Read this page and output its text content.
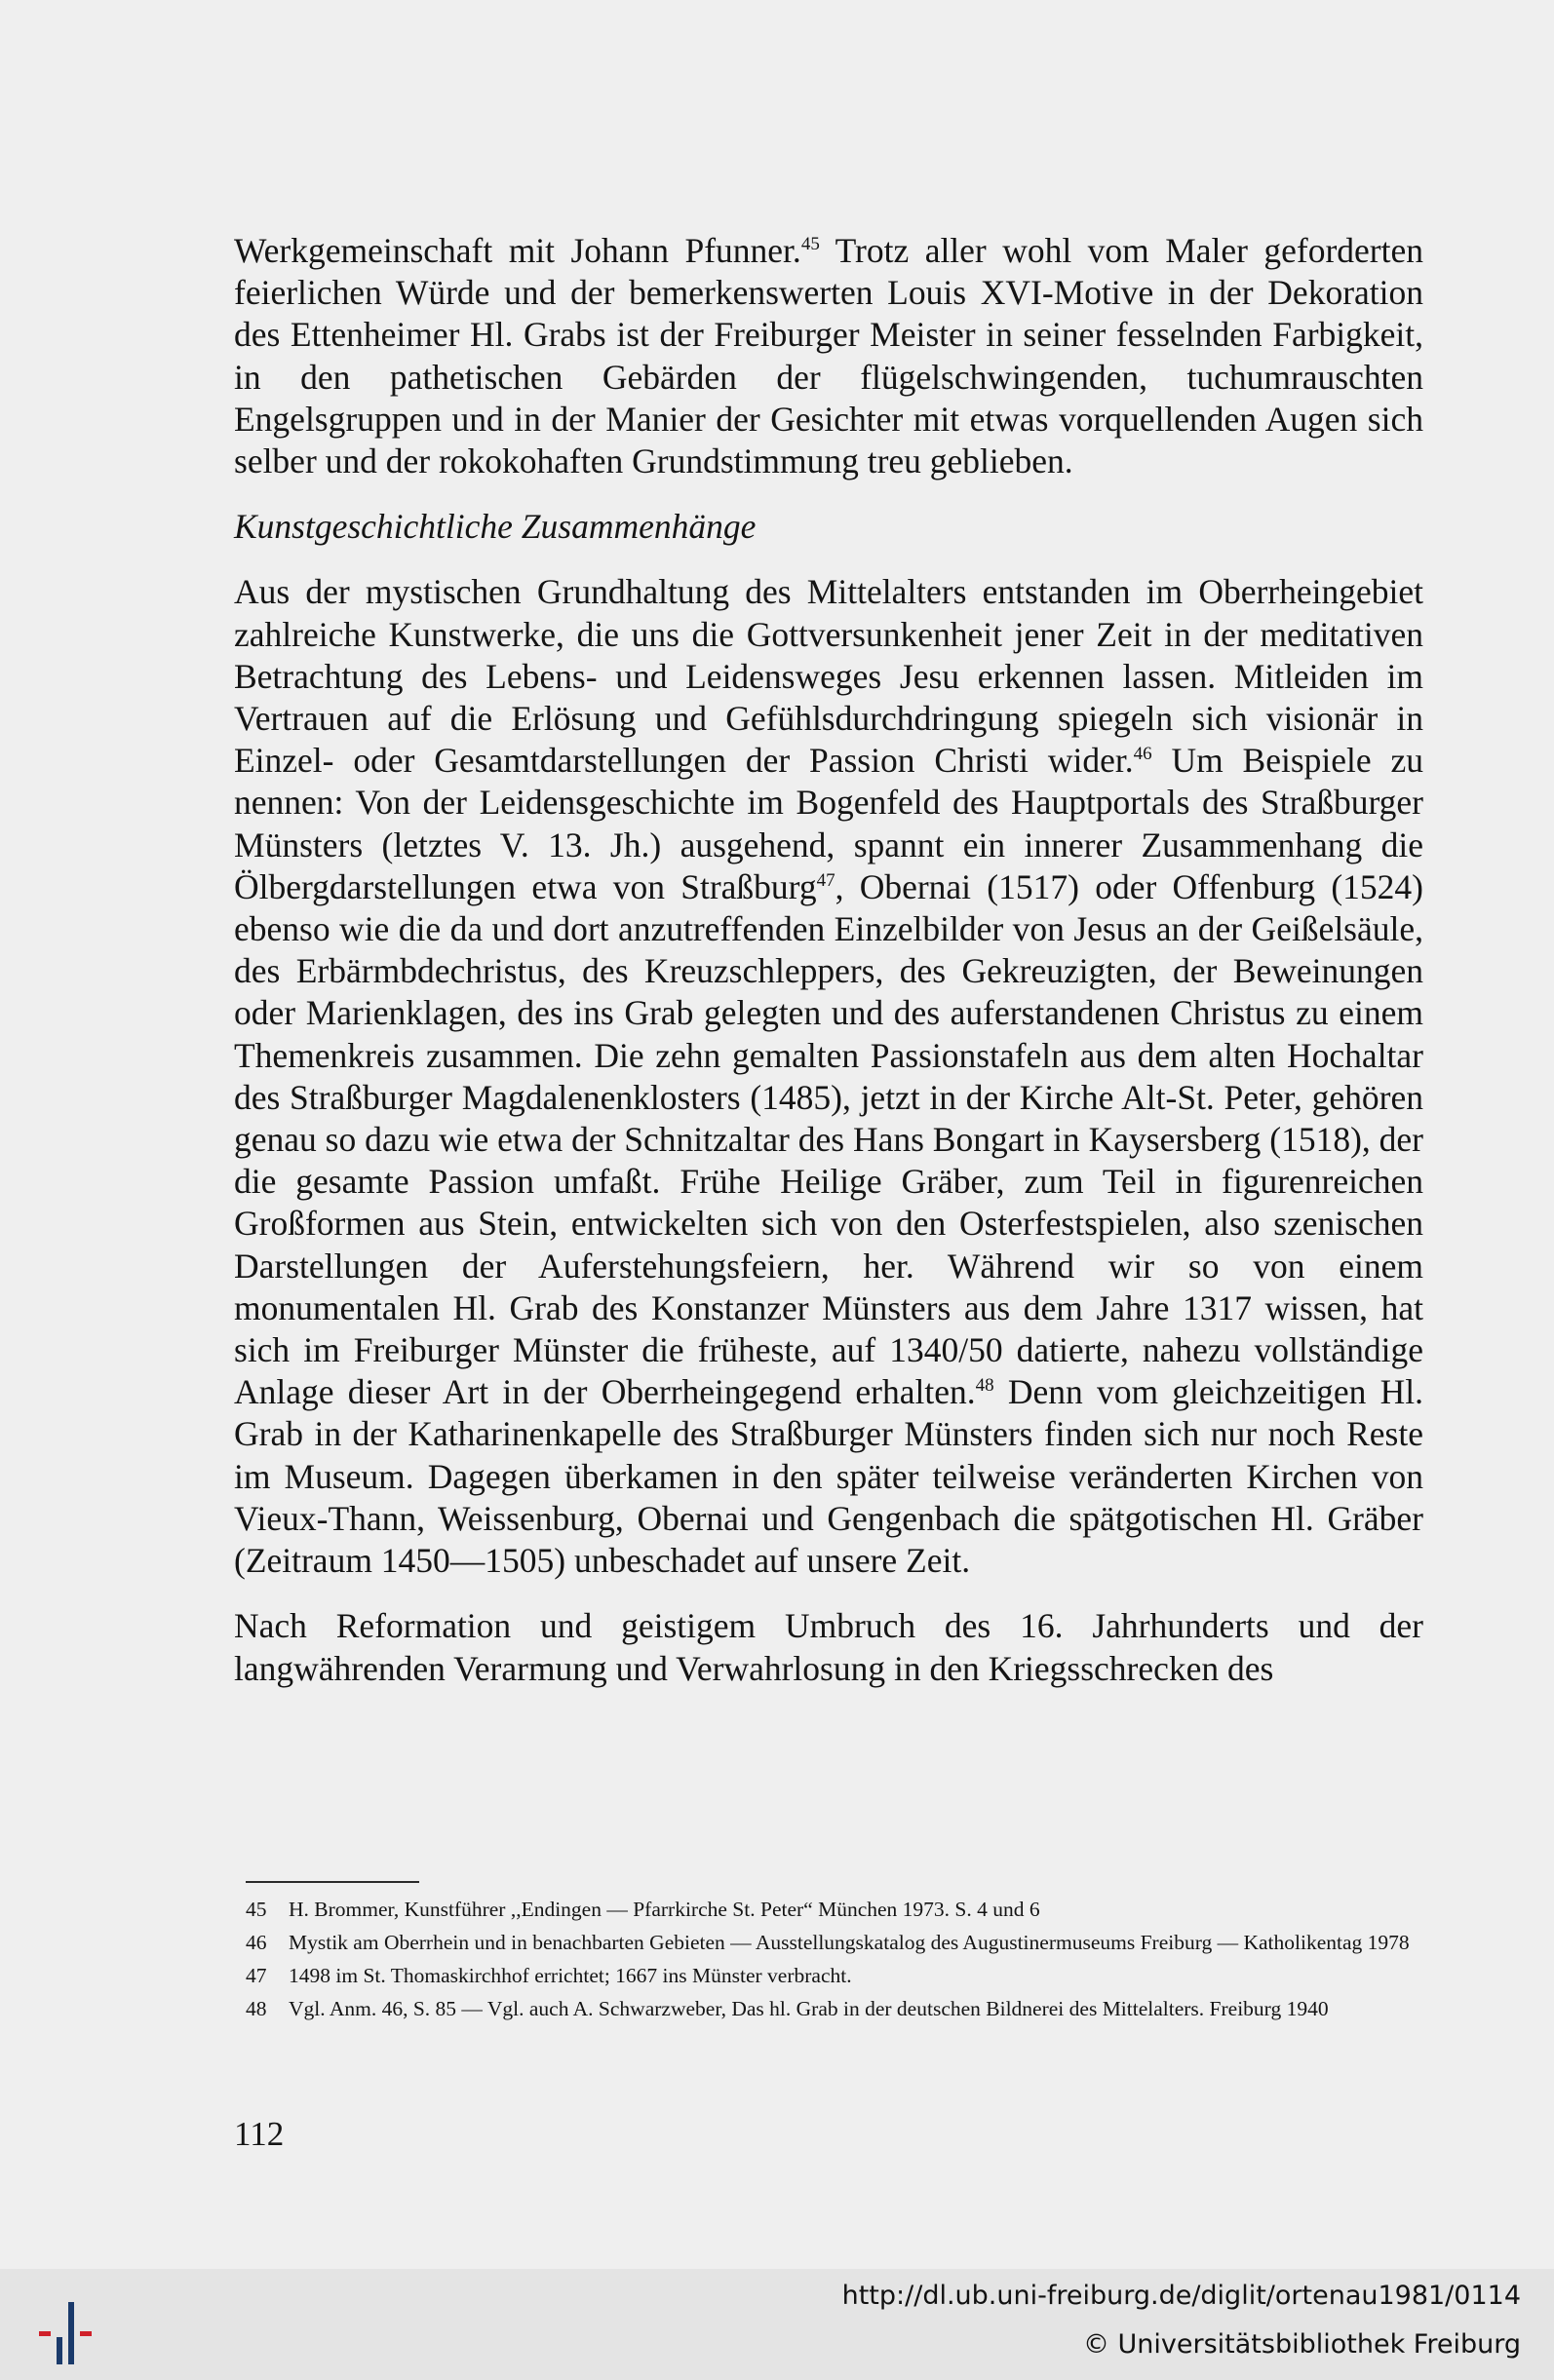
Werkgemeinschaft mit Johann Pfunner.$^{45}$ Trotz aller wohl vom Maler geforderten feierlichen Würde und der bemerkenswerten Louis XVI-Motive in der Dekoration des Ettenheimer Hl. Grabs ist der Freiburger Meister in seiner fesselnden Farbigkeit, in den pathetischen Gebärden der flügelschwingenden, tuchumrauschten Engelsgruppen und in der Manier der Gesichter mit etwas vorquellenden Augen sich selber und der rokokohaften Grundstimmung treu geblieben.

Kunstgeschichtliche Zusammenhänge

Aus der mystischen Grundhaltung des Mittelalters entstanden im Oberrheingebiet zahlreiche Kunstwerke, die uns die Gottversunkenheit jener Zeit in der meditativen Betrachtung des Lebens- und Leidensweges Jesu erkennen lassen. Mitleiden im Vertrauen auf die Erlösung und Gefühlsdurchdringung spiegeln sich visionär in Einzel- oder Gesamtdarstellungen der Passion Christi wider.$^{46}$ Um Beispiele zu nennen: Von der Leidensgeschichte im Bogenfeld des Hauptportals des Straßburger Münsters (letztes V. 13. Jh.) ausgehend, spannt ein innerer Zusammenhang die Ölbergdarstellungen etwa von Straßburg$^{47}$, Obernai (1517) oder Offenburg (1524) ebenso wie die da und dort anzutreffenden Einzelbilder von Jesus an der Geißelsäule, des Erbärmbdechristus, des Kreuzschleppers, des Gekreuzigten, der Beweinungen oder Marienklagen, des ins Grab gelegten und des auferstandenen Christus zu einem Themenkreis zusammen. Die zehn gemalten Passionstafeln aus dem alten Hochaltar des Straßburger Magdalenenklosters (1485), jetzt in der Kirche Alt-St. Peter, gehören genau so dazu wie etwa der Schnitzaltar des Hans Bongart in Kaysersberg (1518), der die gesamte Passion umfaßt. Frühe Heilige Gräber, zum Teil in figurenreichen Großformen aus Stein, entwickelten sich von den Osterfestspielen, also szenischen Darstellungen der Auferstehungsfeiern, her. Während wir so von einem monumentalen Hl. Grab des Konstanzer Münsters aus dem Jahre 1317 wissen, hat sich im Freiburger Münster die früheste, auf 1340/50 datierte, nahezu vollständige Anlage dieser Art in der Oberrheingegend erhalten.$^{48}$ Denn vom gleichzeitigen Hl. Grab in der Katharinenkapelle des Straßburger Münsters finden sich nur noch Reste im Museum. Dagegen überkamen in den später teilweise veränderten Kirchen von Vieux-Thann, Weissenburg, Obernai und Gengenbach die spätgotischen Hl. Gräber (Zeitraum 1450—1505) unbeschadet auf unsere Zeit.

Nach Reformation und geistigem Umbruch des 16. Jahrhunderts und der langwährenden Verarmung und Verwahrlosung in den Kriegsschrecken des

45	H. Brommer, Kunstführer ,,Endingen — Pfarrkirche St. Peter“ München 1973. S. 4 und 6
46	Mystik am Oberrhein und in benachbarten Gebieten — Ausstellungskatalog des Augustinermuseums Freiburg — Katholikentag 1978
47	1498 im St. Thomaskirchhof errichtet; 1667 ins Münster verbracht.
48	Vgl. Anm. 46, S. 85 — Vgl. auch A. Schwarzweber, Das hl. Grab in der deutschen Bildnerei des Mittelalters. Freiburg 1940
112
http://dl.ub.uni-freiburg.de/diglit/ortenau1981/0114
© Universitätsbibliothek Freiburg
